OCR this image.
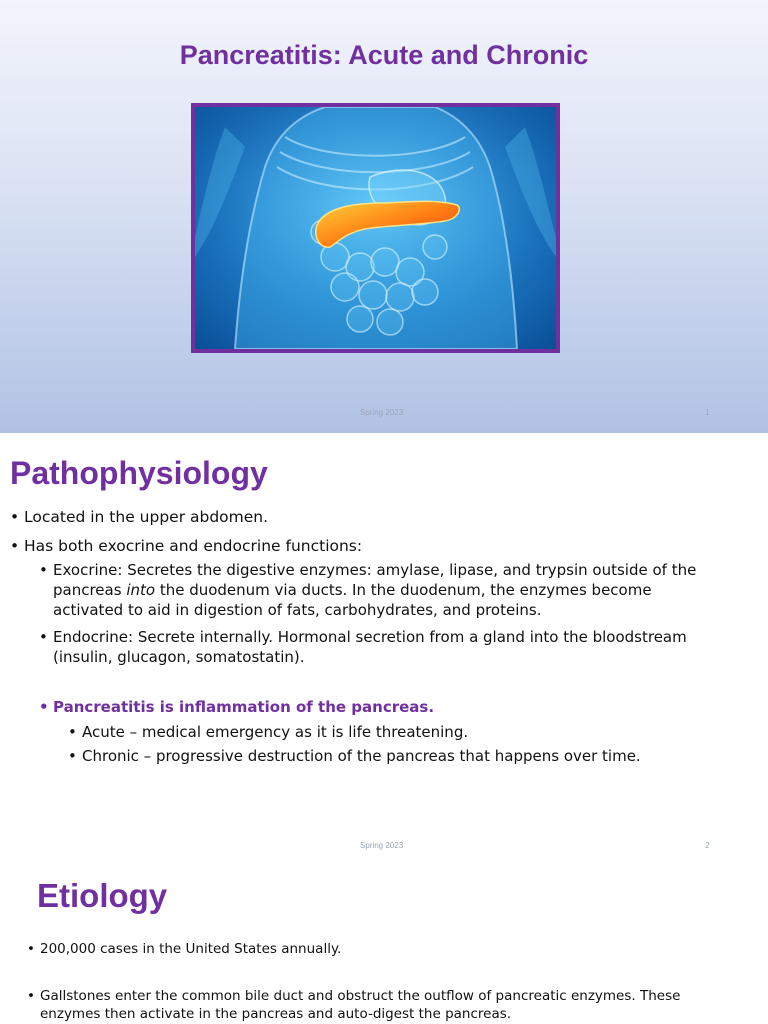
Pancreatitis: Acute and Chronic
Spring 2023	1
Pathophysiology
• Located in the upper abdomen.
• Has both exocrine and endocrine functions:
• Exocrine: Secretes the digestive enzymes: amylase, lipase, and trypsin outside of the pancreas into the duodenum via ducts. In the duodenum, the enzymes become activated to aid in digestion of fats, carbohydrates, and proteins.
• Endocrine: Secrete internally. Hormonal secretion from a gland into the bloodstream (insulin, glucagon, somatostatin).
• Pancreatitis is inflammation of the pancreas.
• Acute – medical emergency as it is life threatening.
• Chronic – progressive destruction of the pancreas that happens over time.
Spring 2023	2
Etiology
• 200,000 cases in the United States annually.
• Gallstones enter the common bile duct and obstruct the outflow of pancreatic enzymes. These enzymes then activate in the pancreas and auto-digest the pancreas.
